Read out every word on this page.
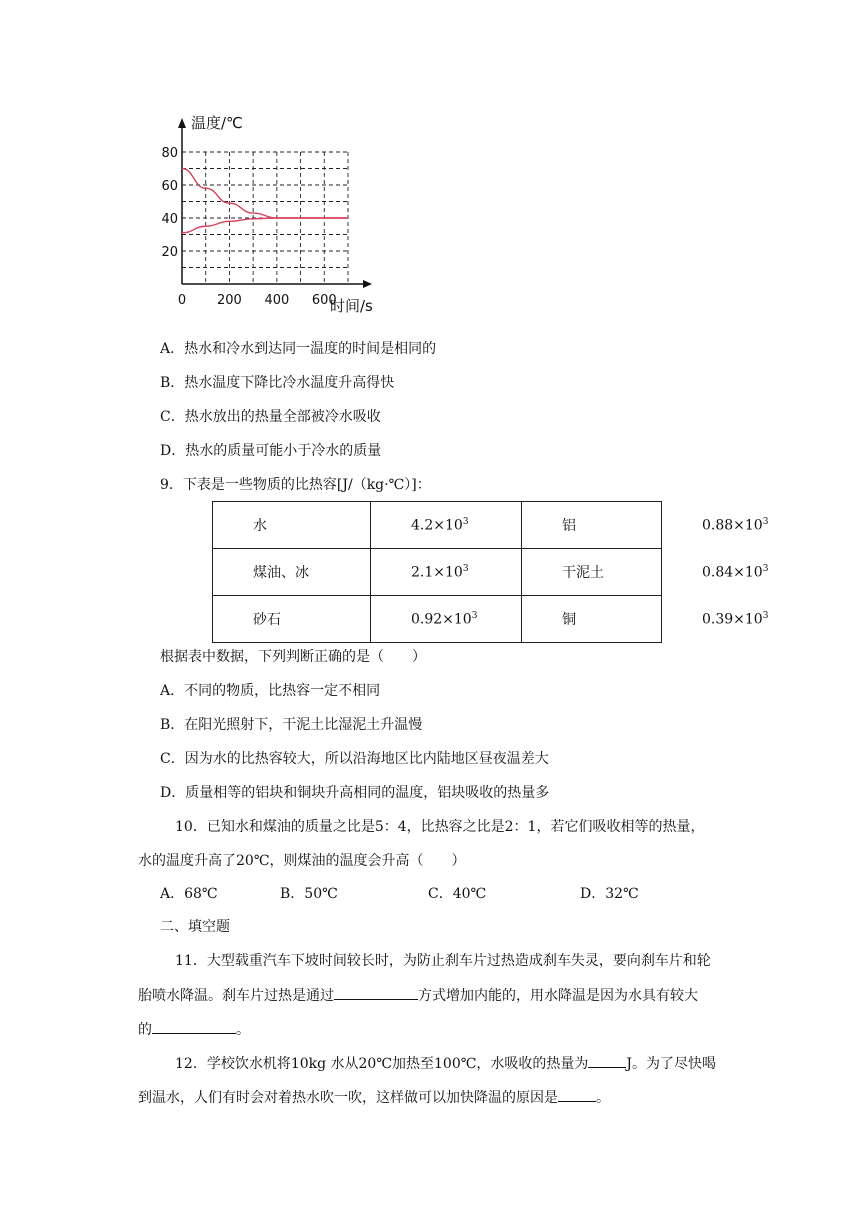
温度/℃
时间/s
20
40
60
80
0 200 400 600
A．热水和冷水到达同一温度的时间是相同的
B．热水温度下降比冷水温度升高得快
C．热水放出的热量全部被冷水吸收
D．热水的质量可能小于冷水的质量
9．下表是一些物质的比热容[J/（kg·℃）]：
水	$4.2\times 10^3$	铝	$0.88\times 10^3$
煤油、冰	$2.1\times 10^3$	干泥土	$0.84\times 10^3$
砂石	$0.92\times 10^3$	铜	$0.39\times 10^3$
根据表中数据，下列判断正确的是（　　）
A．不同的物质，比热容一定不相同
B．在阳光照射下，干泥土比湿泥土升温慢
C．因为水的比热容较大，所以沿海地区比内陆地区昼夜温差大
D．质量相等的铝块和铜块升高相同的温度，铝块吸收的热量多
10．已知水和煤油的质量之比是5：4，比热容之比是2：1，若它们吸收相等的热量，
水的温度升高了20℃，则煤油的温度会升高（　　）
A．68℃	B．50℃	C．40℃	D．32℃
二、填空题
11．大型载重汽车下坡时间较长时，为防止刹车片过热造成刹车失灵，要向刹车片和轮
胎喷水降温。刹车片过热是通过	方式增加内能的，用水降温是因为水具有较大
的	。
12．学校饮水机将10kg 水从20℃加热至100℃，水吸收的热量为	J。为了尽快喝
到温水，人们有时会对着热水吹一吹，这样做可以加快降温的原因是	。
